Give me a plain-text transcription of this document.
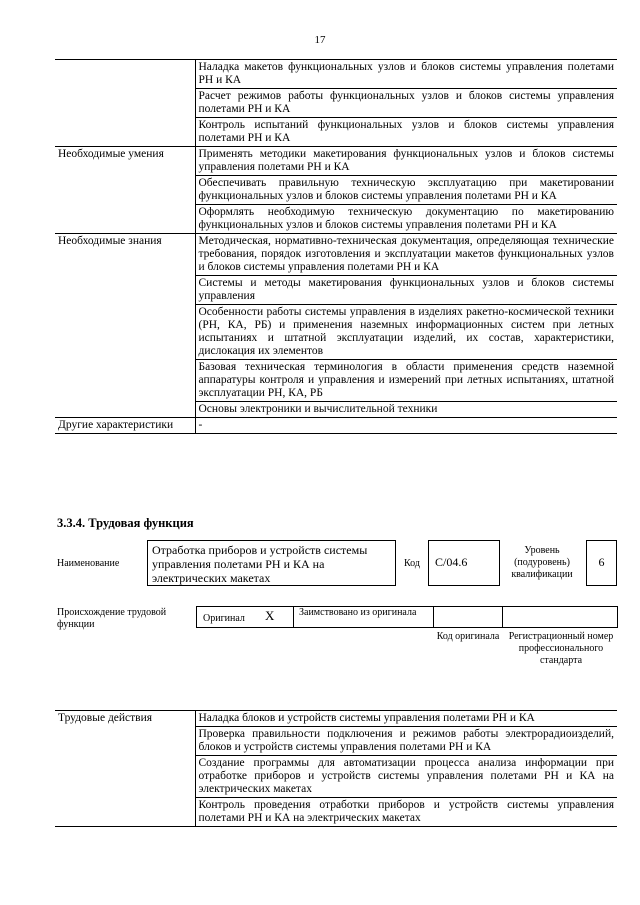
17
	Наладка макетов функциональных узлов и блоков системы управления полетами РН и КА
	Расчет режимов работы функциональных узлов и блоков системы управления полетами РН и КА
	Контроль испытаний функциональных узлов и блоков системы управления полетами РН и КА
Необходимые умения	Применять методики макетирования функциональных узлов и блоков системы управления полетами РН и КА
	Обеспечивать правильную техническую эксплуатацию при макетировании функциональных узлов и блоков системы управления полетами РН и КА
	Оформлять необходимую техническую документацию по макетированию функциональных узлов и блоков системы управления полетами РН и КА
Необходимые знания	Методическая, нормативно-техническая документация, определяющая технические требования, порядок изготовления и эксплуатации макетов функциональных узлов и блоков системы управления полетами РН и КА
	Системы и методы макетирования функциональных узлов и блоков системы управления
	Особенности работы системы управления в изделиях ракетно-космической техники (РН, КА, РБ) и применения наземных информационных систем при летных испытаниях и штатной эксплуатации изделий, их состав, характеристики, дислокация их элементов
	Базовая техническая терминология в области применения средств наземной аппаратуры контроля и управления и измерений при летных испытаниях, штатной эксплуатации РН, КА, РБ
	Основы электроники и вычислительной техники
Другие характеристики	-
3.3.4. Трудовая функция
Наименование
Отработка приборов и устройств системы управления полетами РН и КА на электрических макетах
Код	С/04.6
Уровень (подуровень) квалификации
6
Происхождение трудовой функции
Оригинал X Заимствовано из оригинала
Код оригинала Регистрационный номер профессионального стандарта
Трудовые действия	Наладка блоков и устройств системы управления полетами РН и КА
	Проверка правильности подключения и режимов работы электрорадиоизделий, блоков и устройств системы управления полетами РН и КА
	Создание программы для автоматизации процесса анализа информации при отработке приборов и устройств системы управления полетами РН и КА на электрических макетах
	Контроль проведения отработки приборов и устройств системы управления полетами РН и КА на электрических макетах
